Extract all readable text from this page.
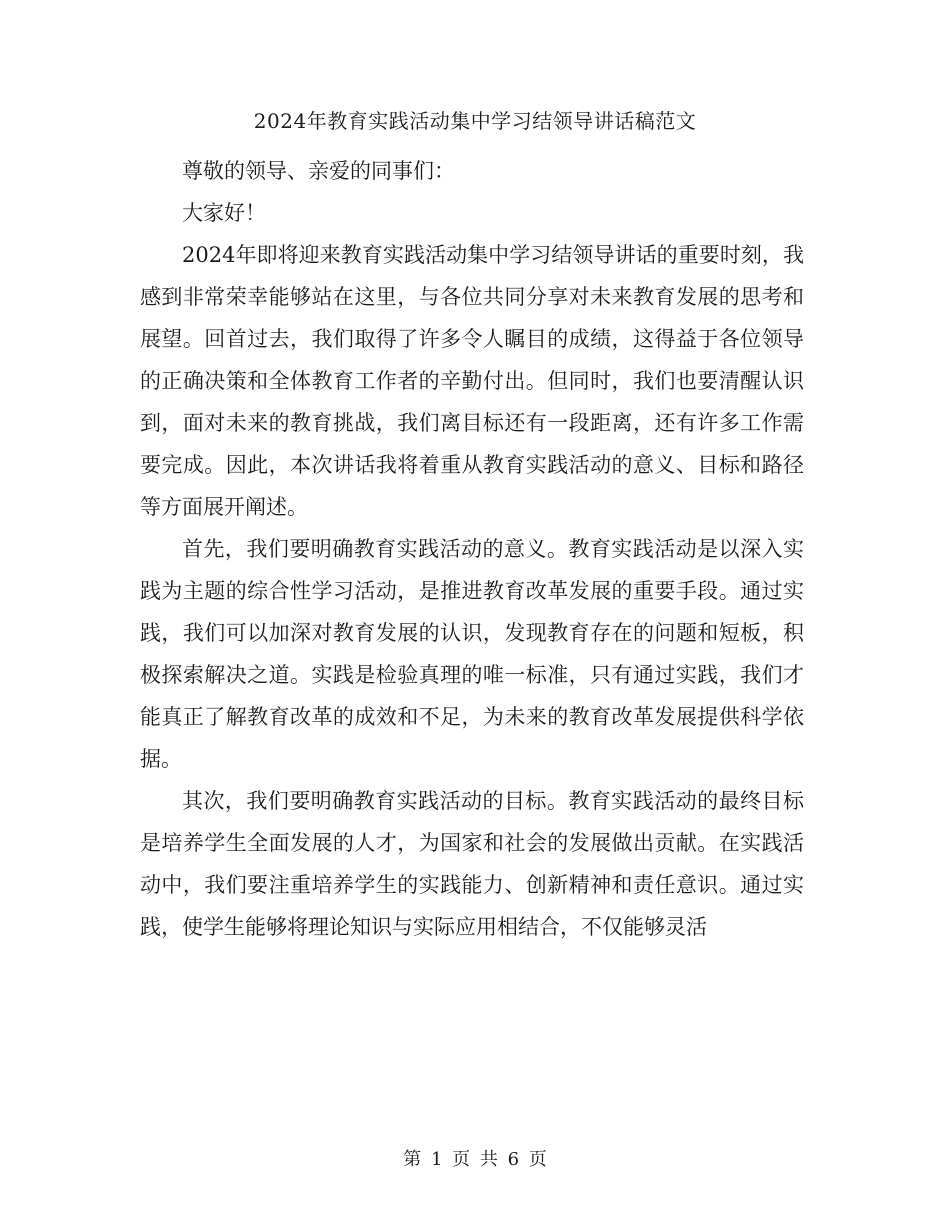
2024年教育实践活动集中学习结领导讲话稿范文

尊敬的领导、亲爱的同事们：

大家好！

2024年即将迎来教育实践活动集中学习结领导讲话的重要时刻，我感到非常荣幸能够站在这里，与各位共同分享对未来教育发展的思考和展望。回首过去，我们取得了许多令人瞩目的成绩，这得益于各位领导的正确决策和全体教育工作者的辛勤付出。但同时，我们也要清醒认识到，面对未来的教育挑战，我们离目标还有一段距离，还有许多工作需要完成。因此，本次讲话我将着重从教育实践活动的意义、目标和路径等方面展开阐述。

首先，我们要明确教育实践活动的意义。教育实践活动是以深入实践为主题的综合性学习活动，是推进教育改革发展的重要手段。通过实践，我们可以加深对教育发展的认识，发现教育存在的问题和短板，积极探索解决之道。实践是检验真理的唯一标准，只有通过实践，我们才能真正了解教育改革的成效和不足，为未来的教育改革发展提供科学依据。

其次，我们要明确教育实践活动的目标。教育实践活动的最终目标是培养学生全面发展的人才，为国家和社会的发展做出贡献。在实践活动中，我们要注重培养学生的实践能力、创新精神和责任意识。通过实践，使学生能够将理论知识与实际应用相结合，不仅能够灵活

第 1 页 共 6 页
